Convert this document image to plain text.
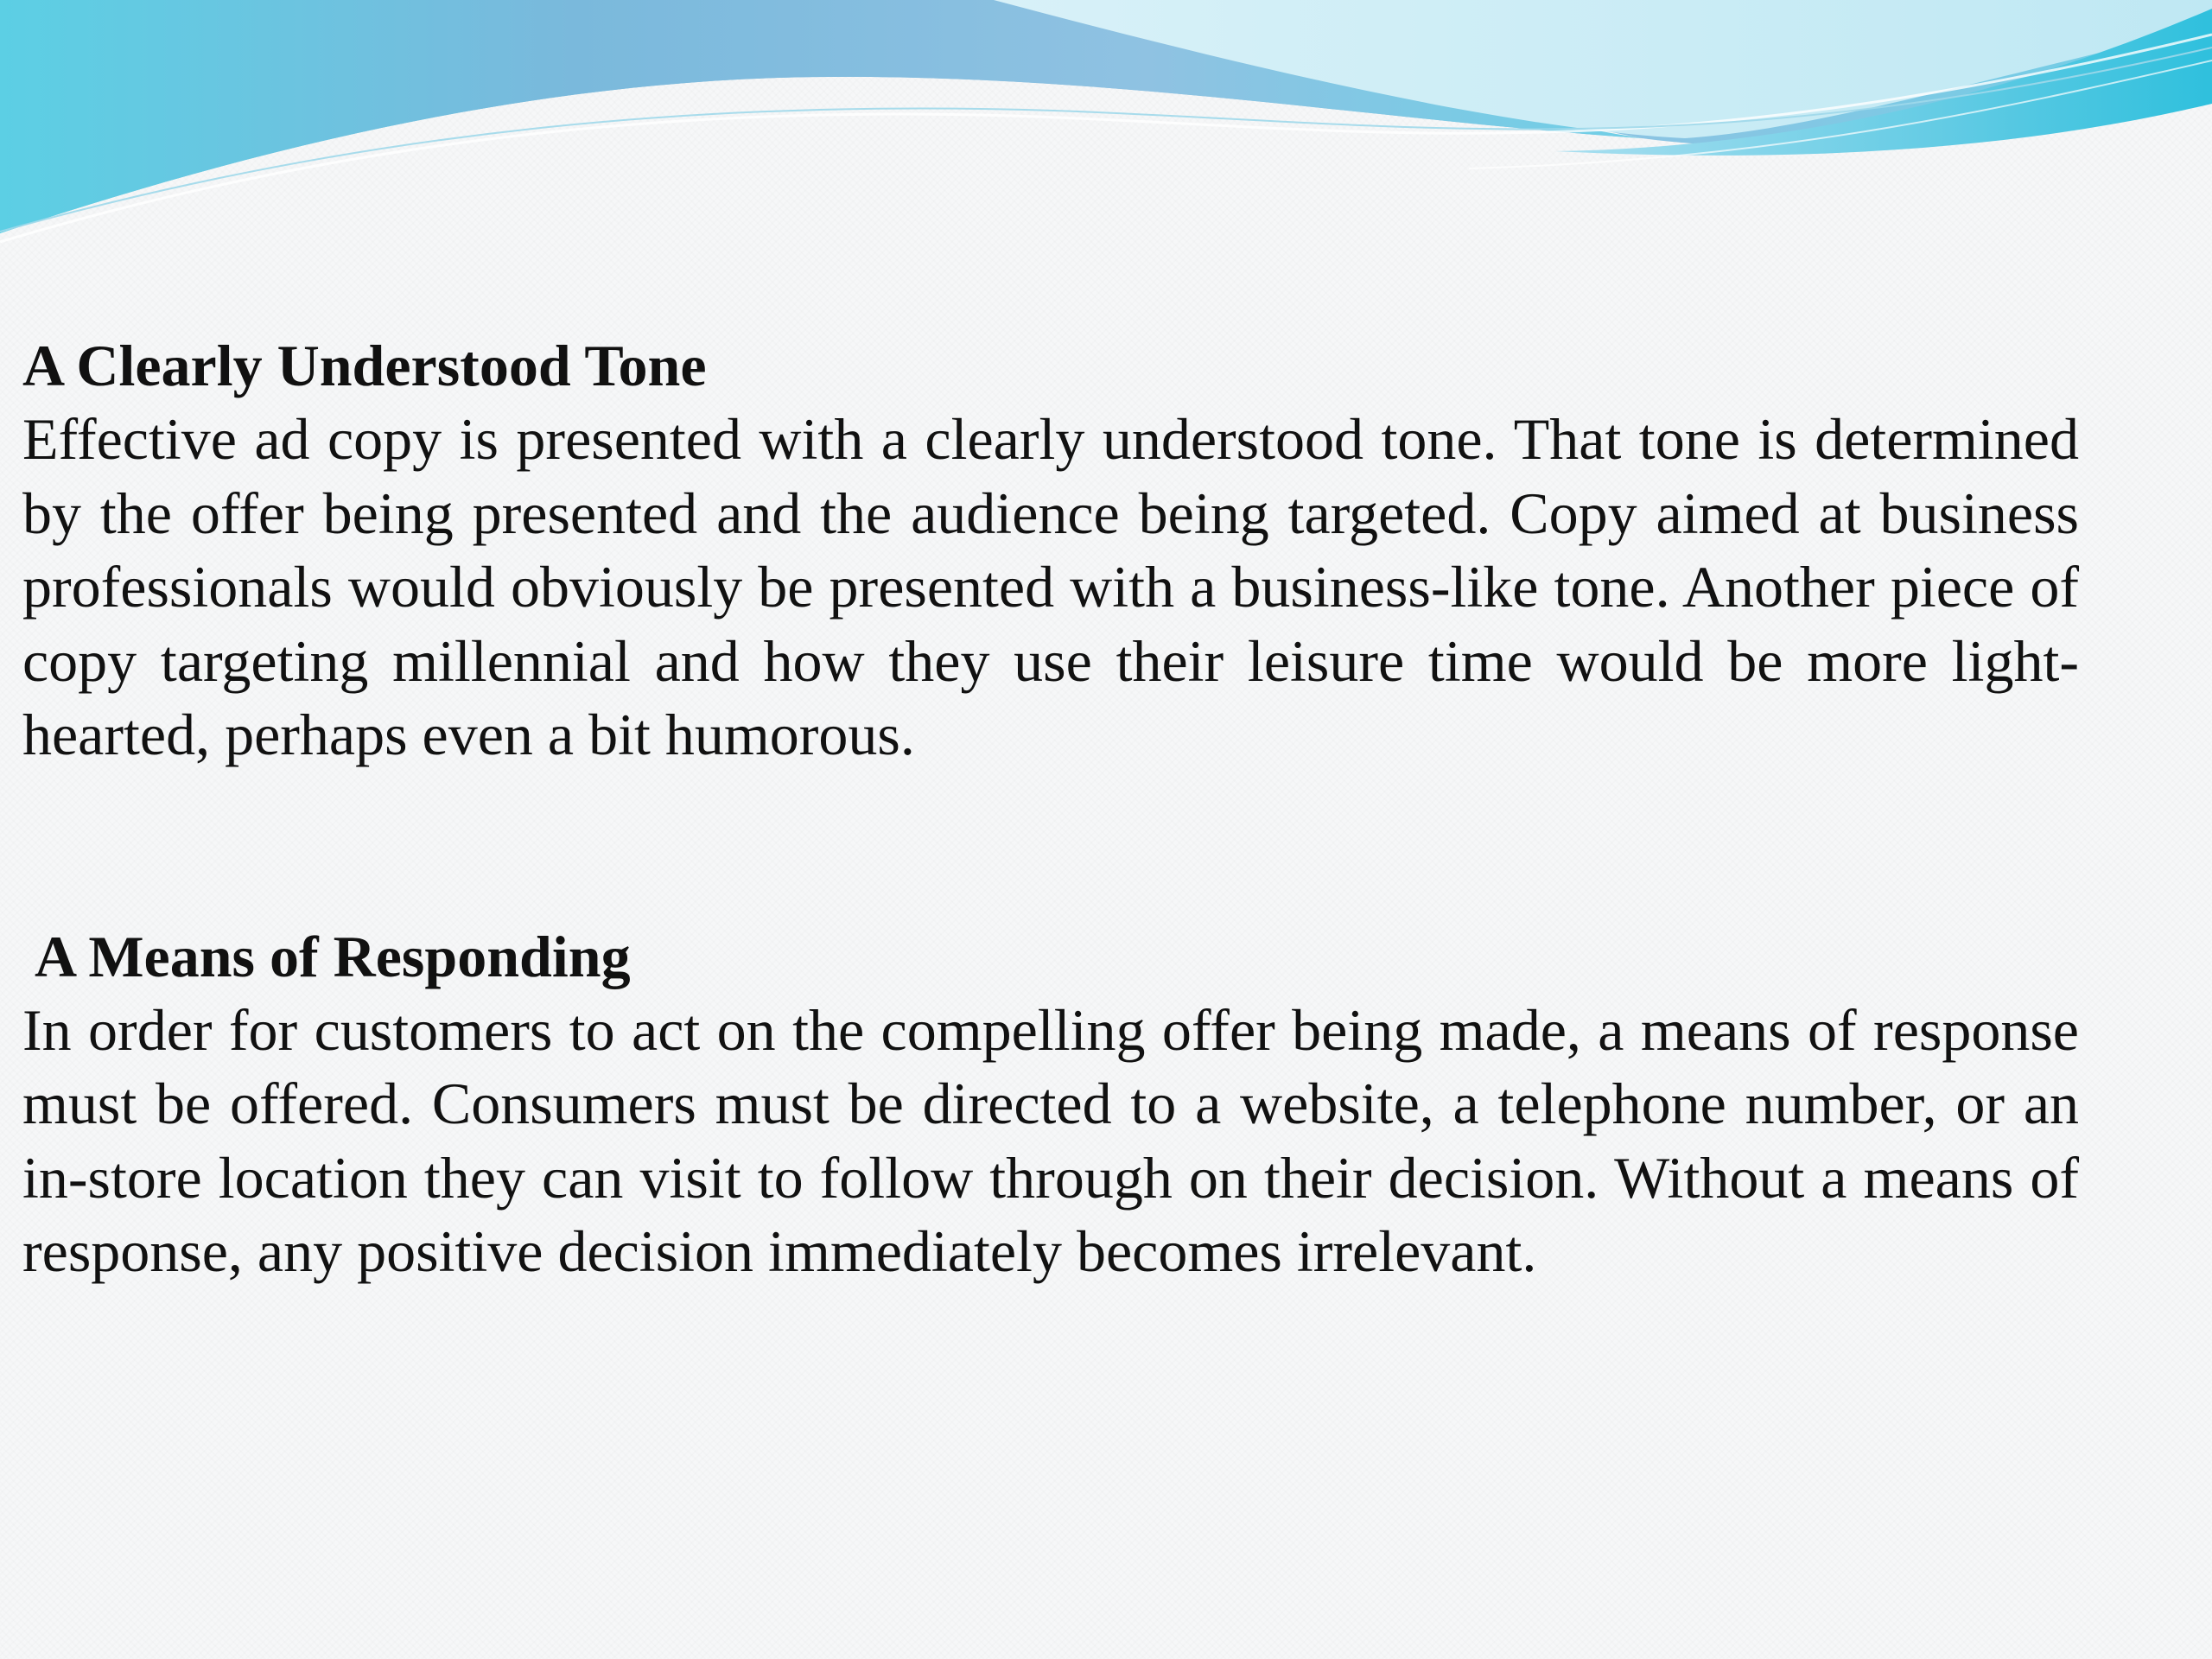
A Clearly Understood Tone

Effective ad copy is presented with a clearly understood tone. That tone is determined by the offer being presented and the audience being targeted. Copy aimed at business professionals would obviously be presented with a business-like tone. Another piece of copy targeting millennial and how they use their leisure time would be more light-hearted, perhaps even a bit humorous.

A Means of Responding

In order for customers to act on the compelling offer being made, a means of response must be offered. Consumers must be directed to a website, a telephone number, or an in-store location they can visit to follow through on their decision. Without a means of response, any positive decision immediately becomes irrelevant.
